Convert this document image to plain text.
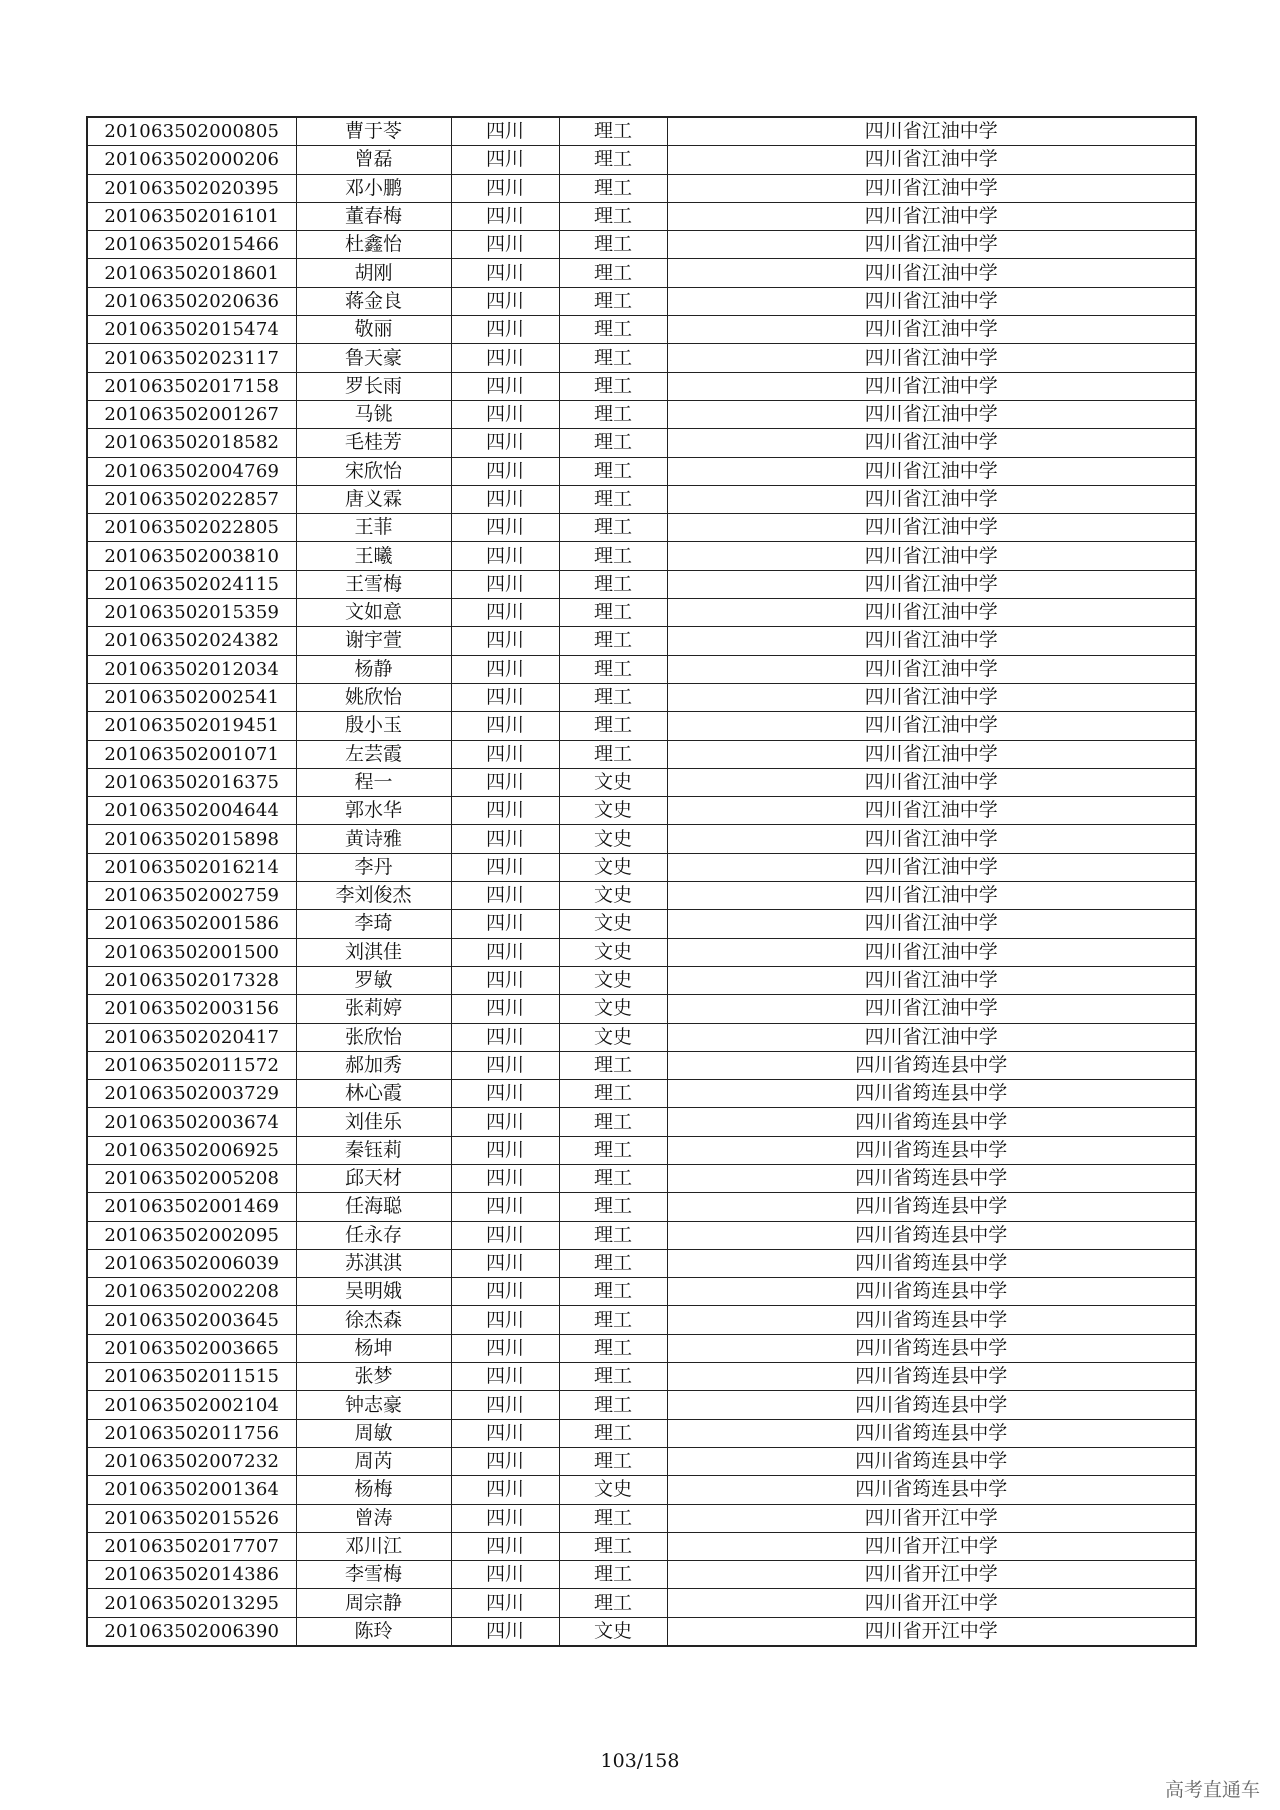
201063502000805	曹于苓	四川	理工	四川省江油中学
201063502000206	曾磊	四川	理工	四川省江油中学
201063502020395	邓小鹏	四川	理工	四川省江油中学
201063502016101	董春梅	四川	理工	四川省江油中学
201063502015466	杜鑫怡	四川	理工	四川省江油中学
201063502018601	胡刚	四川	理工	四川省江油中学
201063502020636	蒋金良	四川	理工	四川省江油中学
201063502015474	敬丽	四川	理工	四川省江油中学
201063502023117	鲁天豪	四川	理工	四川省江油中学
201063502017158	罗长雨	四川	理工	四川省江油中学
201063502001267	马铫	四川	理工	四川省江油中学
201063502018582	毛桂芳	四川	理工	四川省江油中学
201063502004769	宋欣怡	四川	理工	四川省江油中学
201063502022857	唐义霖	四川	理工	四川省江油中学
201063502022805	王菲	四川	理工	四川省江油中学
201063502003810	王曦	四川	理工	四川省江油中学
201063502024115	王雪梅	四川	理工	四川省江油中学
201063502015359	文如意	四川	理工	四川省江油中学
201063502024382	谢宇萱	四川	理工	四川省江油中学
201063502012034	杨静	四川	理工	四川省江油中学
201063502002541	姚欣怡	四川	理工	四川省江油中学
201063502019451	殷小玉	四川	理工	四川省江油中学
201063502001071	左芸霞	四川	理工	四川省江油中学
201063502016375	程一	四川	文史	四川省江油中学
201063502004644	郭水华	四川	文史	四川省江油中学
201063502015898	黄诗雅	四川	文史	四川省江油中学
201063502016214	李丹	四川	文史	四川省江油中学
201063502002759	李刘俊杰	四川	文史	四川省江油中学
201063502001586	李琦	四川	文史	四川省江油中学
201063502001500	刘淇佳	四川	文史	四川省江油中学
201063502017328	罗敏	四川	文史	四川省江油中学
201063502003156	张莉婷	四川	文史	四川省江油中学
201063502020417	张欣怡	四川	文史	四川省江油中学
201063502011572	郝加秀	四川	理工	四川省筠连县中学
201063502003729	林心霞	四川	理工	四川省筠连县中学
201063502003674	刘佳乐	四川	理工	四川省筠连县中学
201063502006925	秦钰莉	四川	理工	四川省筠连县中学
201063502005208	邱天材	四川	理工	四川省筠连县中学
201063502001469	任海聪	四川	理工	四川省筠连县中学
201063502002095	任永存	四川	理工	四川省筠连县中学
201063502006039	苏淇淇	四川	理工	四川省筠连县中学
201063502002208	吴明娥	四川	理工	四川省筠连县中学
201063502003645	徐杰森	四川	理工	四川省筠连县中学
201063502003665	杨坤	四川	理工	四川省筠连县中学
201063502011515	张梦	四川	理工	四川省筠连县中学
201063502002104	钟志豪	四川	理工	四川省筠连县中学
201063502011756	周敏	四川	理工	四川省筠连县中学
201063502007232	周芮	四川	理工	四川省筠连县中学
201063502001364	杨梅	四川	文史	四川省筠连县中学
201063502015526	曾涛	四川	理工	四川省开江中学
201063502017707	邓川江	四川	理工	四川省开江中学
201063502014386	李雪梅	四川	理工	四川省开江中学
201063502013295	周宗静	四川	理工	四川省开江中学
201063502006390	陈玲	四川	文史	四川省开江中学
103/158
高考直通车
